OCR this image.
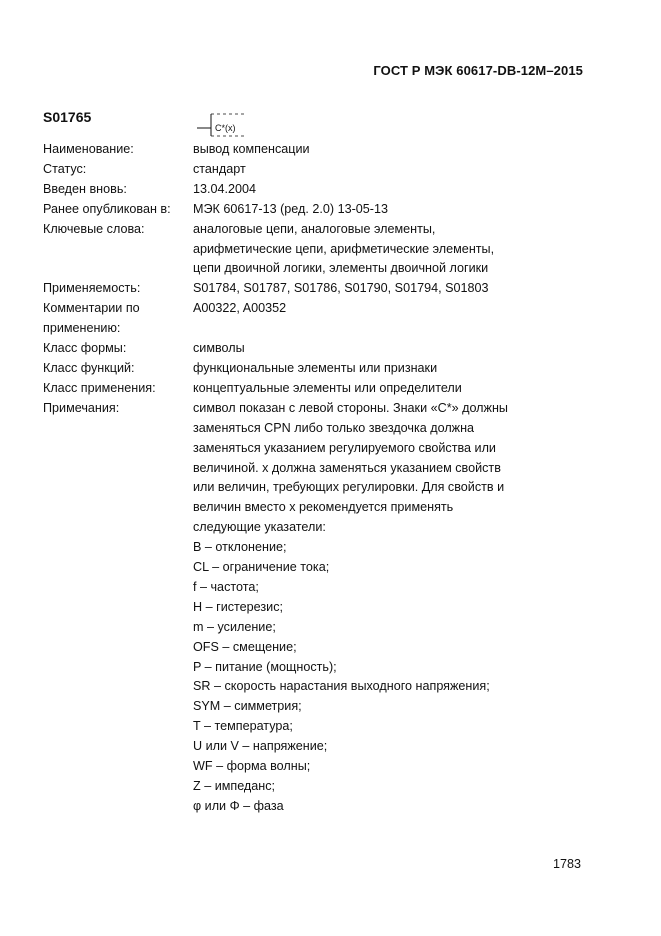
ГОСТ Р МЭК 60617-DB-12M–2015
S01765
C*(x)
Наименование:	вывод компенсации
Статус:	стандарт
Введен вновь:	13.04.2004
Ранее опубликован в:	МЭК 60617-13 (ред. 2.0) 13-05-13
Ключевые слова:	аналоговые цепи, аналоговые элементы,
арифметические цепи, арифметические элементы,
цепи двоичной логики, элементы двоичной логики
Применяемость:	S01784, S01787, S01786, S01790, S01794, S01803
Комментарии по
применению:
A00322, A00352
Класс формы:	символы
Класс функций:	функциональные элементы или признаки
Класс применения:	концептуальные элементы или определители
Примечания:	символ показан с левой стороны. Знаки «C*» должны
заменяться CPN либо только звездочка должна
заменяться указанием регулируемого свойства или
величиной. x должна заменяться указанием свойств
или величин, требующих регулировки. Для свойств и
величин вместо x рекомендуется применять
следующие указатели:
B – отклонение;
CL – ограничение тока;
f – частота;
H – гистерезис;
m – усиление;
OFS – смещение;
P – питание (мощность);
SR – скорость нарастания выходного напряжения;
SYM – симметрия;
T – температура;
U или V – напряжение;
WF – форма волны;
Z – импеданс;
φ или Φ – фаза
1783
